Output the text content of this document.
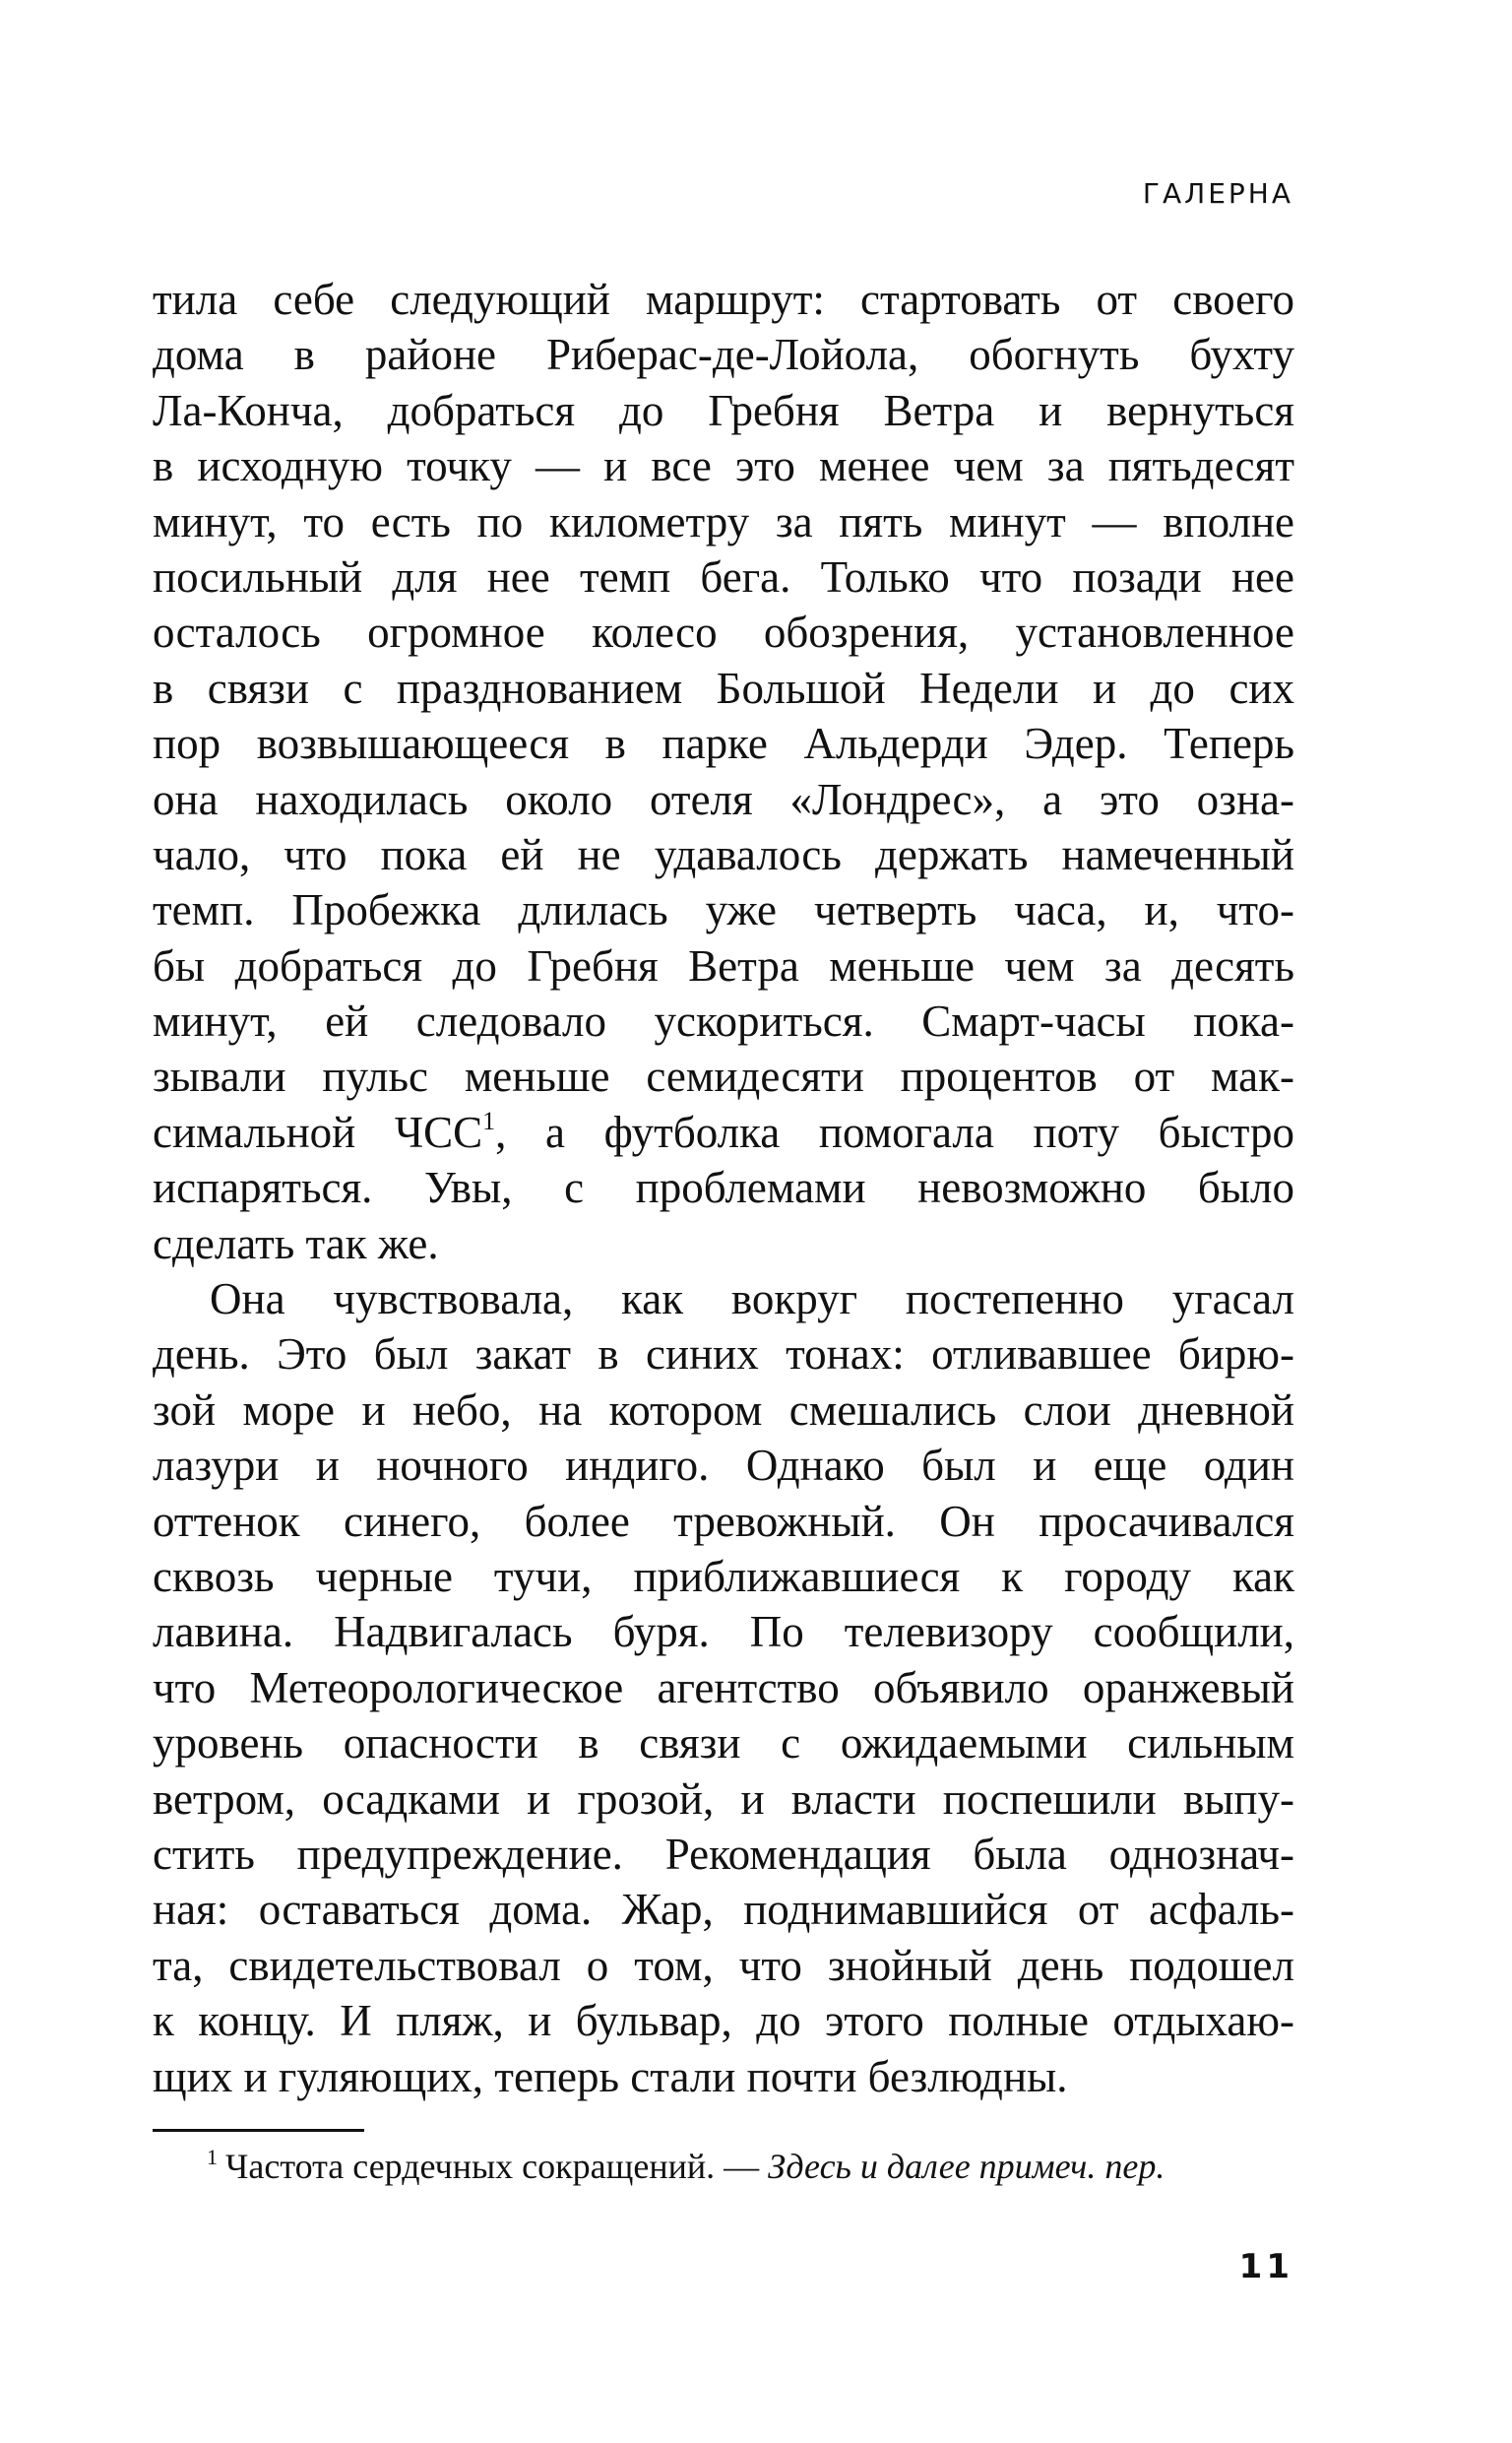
ГАЛЕРНА
тила себе следующий маршрут: стартовать от своего
дома в районе Риберас-де-Лойола, обогнуть бухту
Ла-Конча, добраться до Гребня Ветра и вернуться
в исходную точку — и все это менее чем за пятьдесят
минут, то есть по километру за пять минут — вполне
посильный для нее темп бега. Только что позади нее
осталось огромное колесо обозрения, установленное
в связи с празднованием Большой Недели и до сих
пор возвышающееся в парке Альдерди Эдер. Теперь
она находилась около отеля «Лондрес», а это озна-
чало, что пока ей не удавалось держать намеченный
темп. Пробежка длилась уже четверть часа, и, что-
бы добраться до Гребня Ветра меньше чем за десять
минут, ей следовало ускориться. Смарт-часы пока-
зывали пульс меньше семидесяти процентов от мак-
симальной ЧСС$^1$, а футболка помогала поту быстро
испаряться. Увы, с проблемами невозможно было
сделать так же.
Она чувствовала, как вокруг постепенно угасал
день. Это был закат в синих тонах: отливавшее бирю-
зой море и небо, на котором смешались слои дневной
лазури и ночного индиго. Однако был и еще один
оттенок синего, более тревожный. Он просачивался
сквозь черные тучи, приближавшиеся к городу как
лавина. Надвигалась буря. По телевизору сообщили,
что Метеорологическое агентство объявило оранжевый
уровень опасности в связи с ожидаемыми сильным
ветром, осадками и грозой, и власти поспешили выпу-
стить предупреждение. Рекомендация была однознач-
ная: оставаться дома. Жар, поднимавшийся от асфаль-
та, свидетельствовал о том, что знойный день подошел
к концу. И пляж, и бульвар, до этого полные отдыхаю-
щих и гуляющих, теперь стали почти безлюдны.
$^1$ Частота сердечных сокращений. — Здесь и далее примеч. пер.
11
